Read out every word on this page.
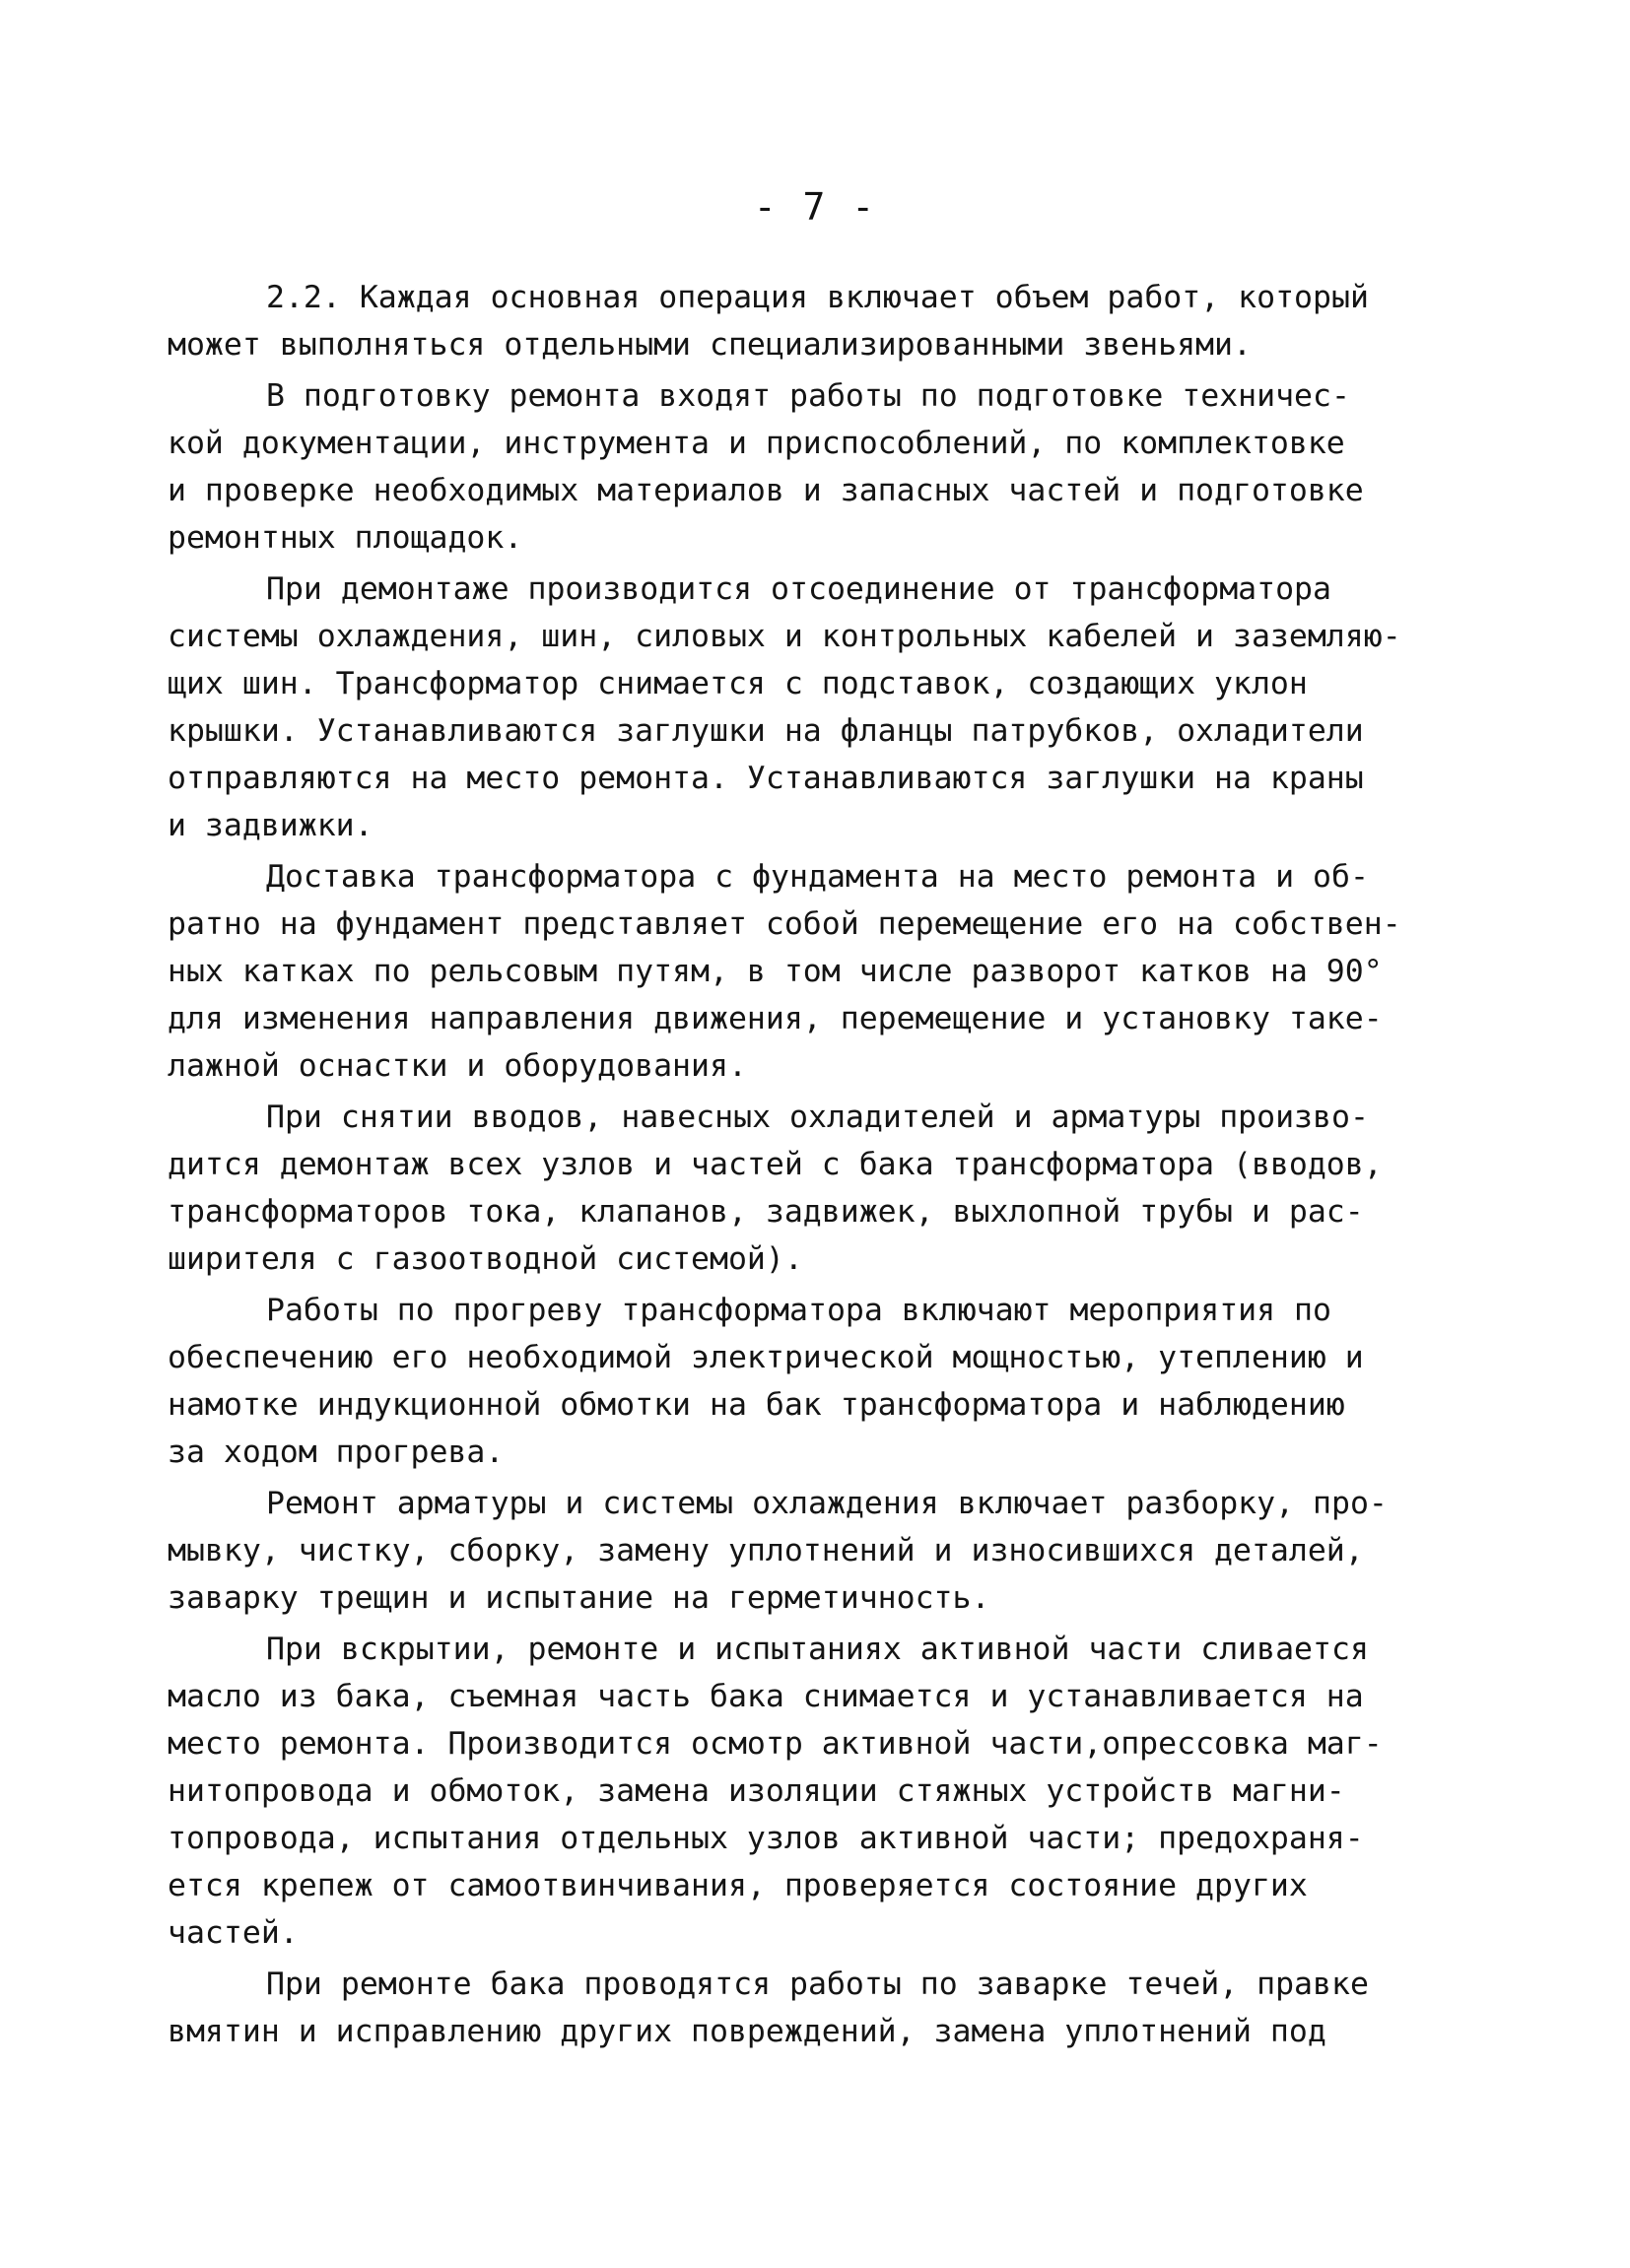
- 7 -
2.2. Каждая основная операция включает объем работ, который
может выполняться отдельными специализированными звеньями.
В подготовку ремонта входят работы по подготовке техничес-
кой документации, инструмента и приспособлений, по комплектовке
и проверке необходимых материалов и запасных частей и подготовке
ремонтных площадок.
При демонтаже производится отсоединение от трансформатора
системы охлаждения, шин, силовых и контрольных кабелей и заземляю-
щих шин. Трансформатор снимается с подставок, создающих уклон
крышки. Устанавливаются заглушки на фланцы патрубков, охладители
отправляются на место ремонта. Устанавливаются заглушки на краны
и задвижки.
Доставка трансформатора с фундамента на место ремонта и об-
ратно на фундамент представляет собой перемещение его на собствен-
ных катках по рельсовым путям, в том числе разворот катков на 90°
для изменения направления движения, перемещение и установку таке-
лажной оснастки и оборудования.
При снятии вводов, навесных охладителей и арматуры произво-
дится демонтаж всех узлов и частей с бака трансформатора (вводов,
трансформаторов тока, клапанов, задвижек, выхлопной трубы и рас-
ширителя с газоотводной системой).
Работы по прогреву трансформатора включают мероприятия по
обеспечению его необходимой электрической мощностью, утеплению и
намотке индукционной обмотки на бак трансформатора и наблюдению
за ходом прогрева.
Ремонт арматуры и системы охлаждения включает разборку, про-
мывку, чистку, сборку, замену уплотнений и износившихся деталей,
заварку трещин и испытание на герметичность.
При вскрытии, ремонте и испытаниях активной части сливается
масло из бака, съемная часть бака снимается и устанавливается на
место ремонта. Производится осмотр активной части,опрессовка маг-
нитопровода и обмоток, замена изоляции стяжных устройств магни-
топровода, испытания отдельных узлов активной части; предохраня-
ется крепеж от самоотвинчивания, проверяется состояние других
частей.
При ремонте бака проводятся работы по заварке течей, правке
вмятин и исправлению других повреждений, замена уплотнений под
